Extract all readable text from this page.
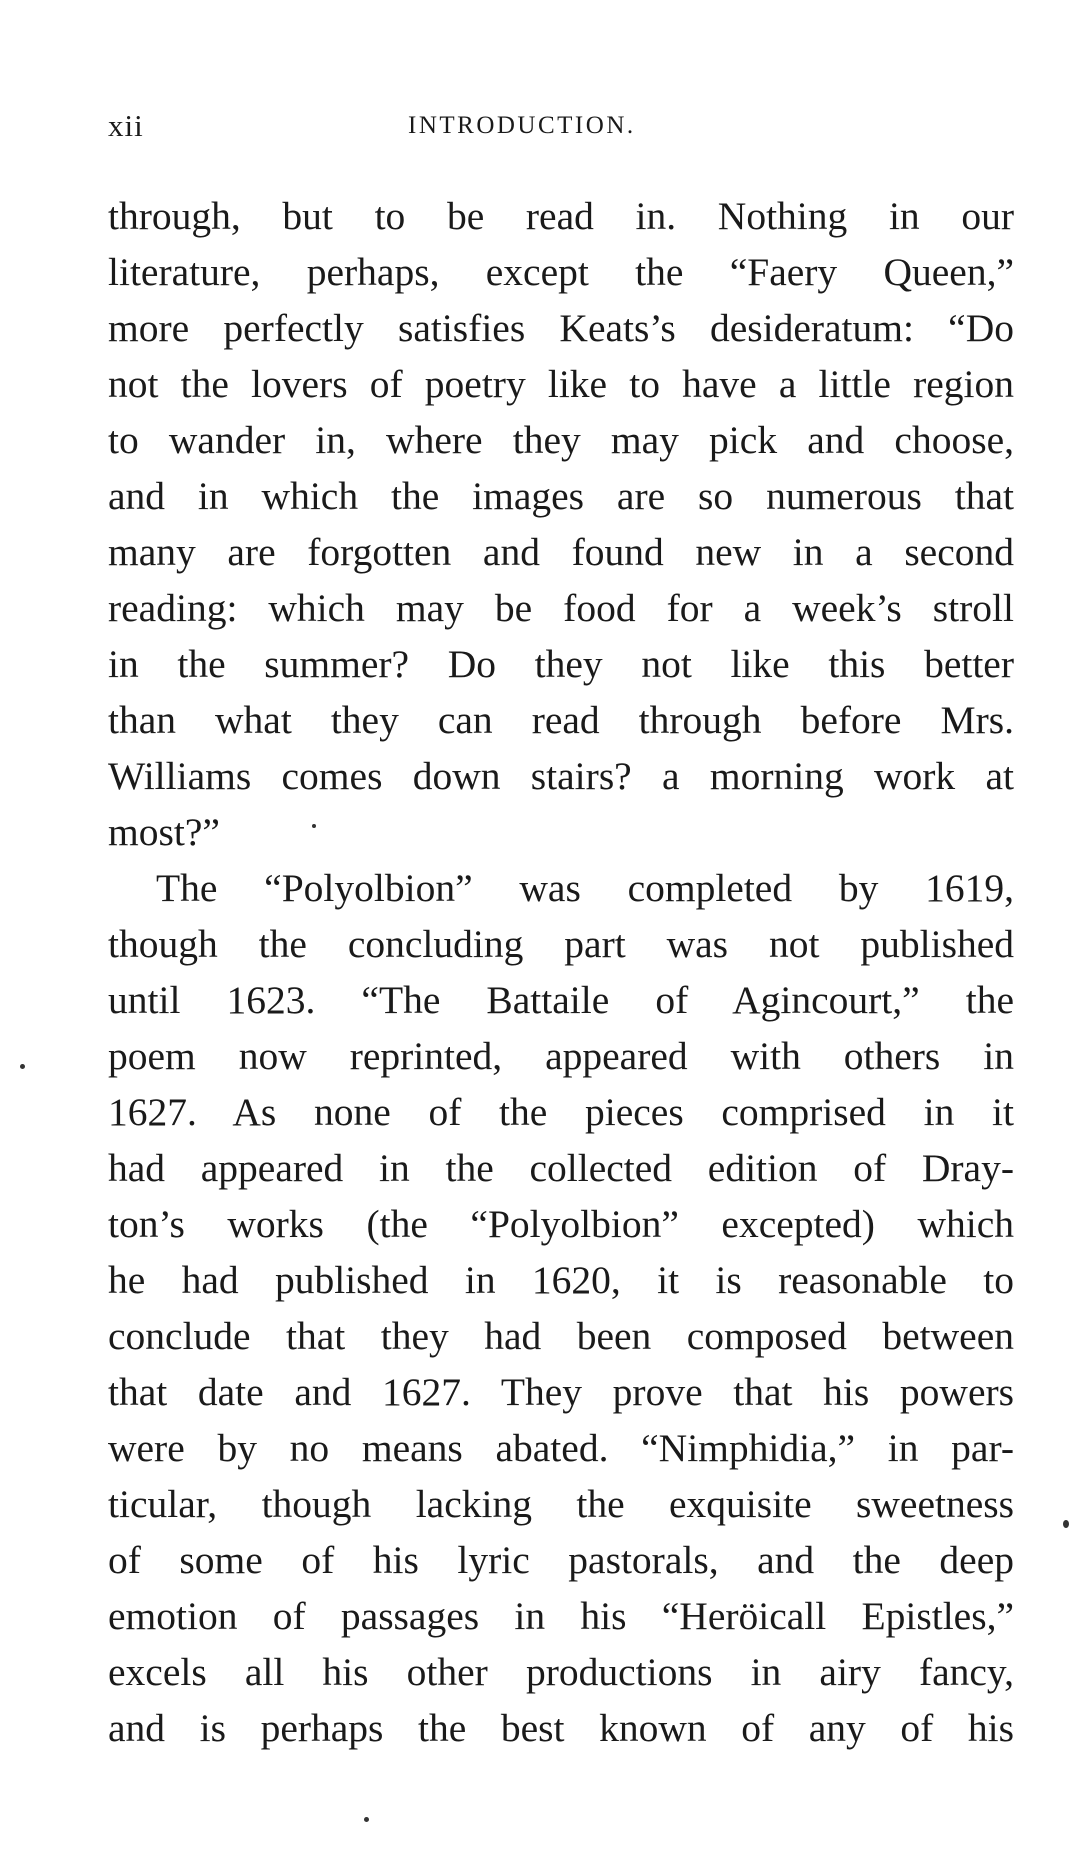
xii	INTRODUCTION.
through, but to be read in. Nothing in our
literature, perhaps, except the “Faery Queen,”
more perfectly satisfies Keats’s desideratum: “Do
not the lovers of poetry like to have a little region
to wander in, where they may pick and choose,
and in which the images are so numerous that
many are forgotten and found new in a second
reading: which may be food for a week’s stroll
in the summer? Do they not like this better
than what they can read through before Mrs.
Williams comes down stairs? a morning work at
most?”
The “Polyolbion” was completed by 1619,
though the concluding part was not published
until 1623. “The Battaile of Agincourt,” the
poem now reprinted, appeared with others in
1627. As none of the pieces comprised in it
had appeared in the collected edition of Dray-
ton’s works (the “Polyolbion” excepted) which
he had published in 1620, it is reasonable to
conclude that they had been composed between
that date and 1627. They prove that his powers
were by no means abated. “Nimphidia,” in par-
ticular, though lacking the exquisite sweetness
of some of his lyric pastorals, and the deep
emotion of passages in his “Heröicall Epistles,”
excels all his other productions in airy fancy,
and is perhaps the best known of any of his
